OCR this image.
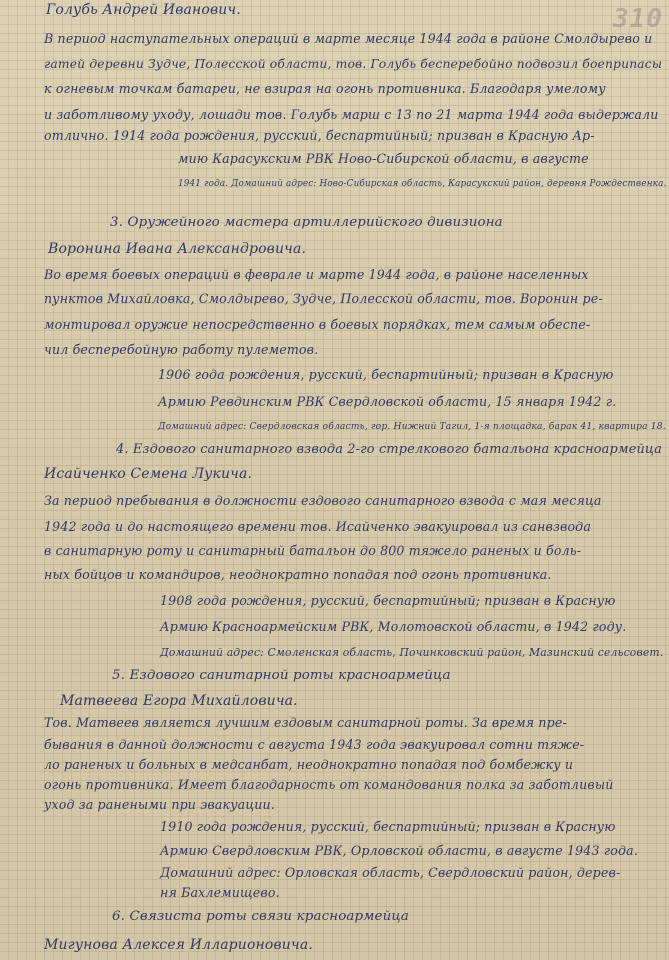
310
Голубь Андрей Иванович.
В период наступательных операций в марте месяце 1944 года в районе Смолдырево и
гатей деревни Зудче, Полесской области, тов. Голубь бесперебойно подвозил боеприпасы
к огневым точкам батареи, не взирая на огонь противника. Благодаря умелому
и заботливому уходу, лошади тов. Голубь марш с 13 по 21 марта 1944 года выдержали
отлично. 1914 года рождения, русский, беспартийный; призван в Красную Ар-
мию Карасукским РВК Ново-Сибирской области, в августе
1941 года. Домашний адрес: Ново-Сибирская область, Карасукский район, деревня Рождественка.
3. Оружейного мастера артиллерийского дивизиона
Воронина Ивана Александровича.
Во время боевых операций в феврале и марте 1944 года, в районе населенных
пунктов Михайловка, Смолдырево, Зудче, Полесской области, тов. Воронин ре-
монтировал оружие непосредственно в боевых порядках, тем самым обеспе-
чил бесперебойную работу пулеметов.
1906 года рождения, русский, беспартийный; призван в Красную
Армию Ревдинским РВК Свердловской области, 15 января 1942 г.
Домашний адрес: Свердловская область, гор. Нижний Тагил, 1-я площадка, барак 41, квартира 18.
4. Ездового санитарного взвода 2-го стрелкового батальона красноармейца
Исайченко Семена Лукича.
За период пребывания в должности ездового санитарного взвода с мая месяца
1942 года и до настоящего времени тов. Исайченко эвакуировал из санвзвода
в санитарную роту и санитарный батальон до 800 тяжело раненых и боль-
ных бойцов и командиров, неоднократно попадая под огонь противника.
1908 года рождения, русский, беспартийный; призван в Красную
Армию Красноармейским РВК, Молотовской области, в 1942 году.
Домашний адрес: Смоленская область, Починковский район, Мазинский сельсовет.
5. Ездового санитарной роты красноармейца
Матвеева Егора Михайловича.
Тов. Матвеев является лучшим ездовым санитарной роты. За время пре-
бывания в данной должности с августа 1943 года эвакуировал сотни тяже-
ло раненых и больных в медсанбат, неоднократно попадая под бомбежку и
огонь противника. Имеет благодарность от командования полка за заботливый
уход за ранеными при эвакуации.
1910 года рождения, русский, беспартийный; призван в Красную
Армию Свердловским РВК, Орловской области, в августе 1943 года.
Домашний адрес: Орловская область, Свердловский район, дерев-
ня Бахлемищево.
6. Связиста роты связи красноармейца
Мигунова Алексея Илларионовича.
